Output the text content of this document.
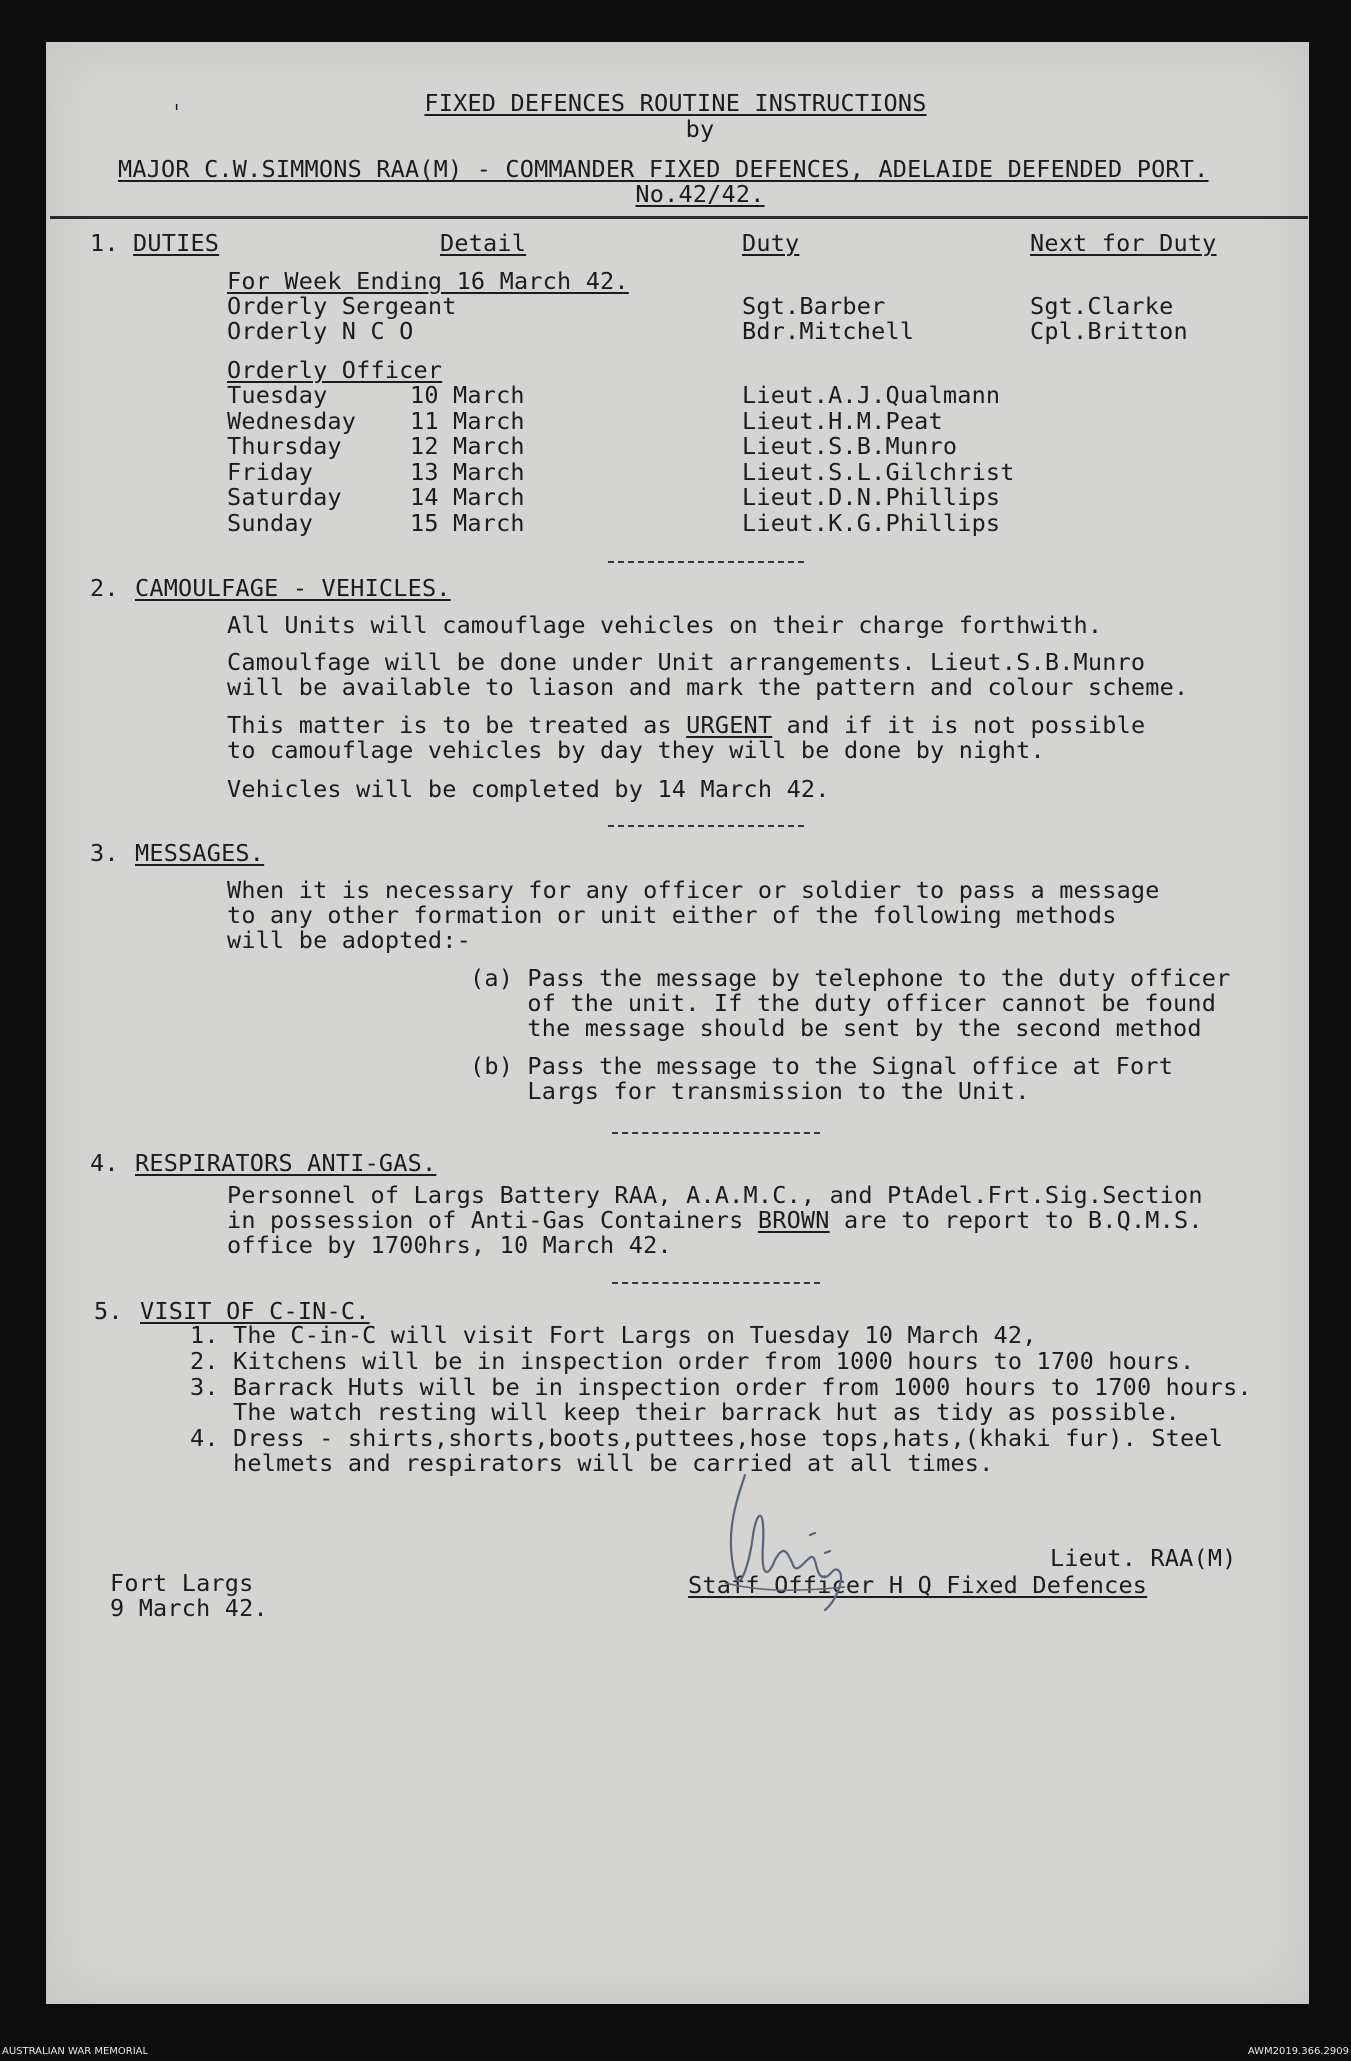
ˈ	FIXED DEFENCES ROUTINE INSTRUCTIONS
by
MAJOR C.W.SIMMONS RAA(M) - COMMANDER FIXED DEFENCES, ADELAIDE DEFENDED PORT.
No.42/42.
1. DUTIES	Detail	Duty	Next for Duty
For Week Ending 16 March 42.
Orderly Sergeant	Sgt.Barber	Sgt.Clarke
Orderly N C O	Bdr.Mitchell	Cpl.Britton
Orderly Officer
Tuesday	10 March	Lieut.A.J.Qualmann
Wednesday 11 March	Lieut.H.M.Peat
Thursday	12 March	Lieut.S.B.Munro
Friday	13 March	Lieut.S.L.Gilchrist
Saturday	14 March	Lieut.D.N.Phillips
Sunday	15 March	Lieut.K.G.Phillips
2. CAMOULFAGE - VEHICLES.
All Units will camouflage vehicles on their charge forthwith.
Camoulfage will be done under Unit arrangements. Lieut.S.B.Munro
will be available to liason and mark the pattern and colour scheme.
This matter is to be treated as URGENT and if it is not possible
to camouflage vehicles by day they will be done by night.
Vehicles will be completed by 14 March 42.
3. MESSAGES.
When it is necessary for any officer or soldier to pass a message
to any other formation or unit either of the following methods
will be adopted:-
(a) Pass the message by telephone to the duty officer
of the unit. If the duty officer cannot be found
the message should be sent by the second method
(b) Pass the message to the Signal office at Fort
Largs for transmission to the Unit.
4. RESPIRATORS ANTI-GAS.
Personnel of Largs Battery RAA, A.A.M.C., and PtAdel.Frt.Sig.Section
in possession of Anti-Gas Containers BROWN are to report to B.Q.M.S.
office by 1700hrs, 10 March 42.
5. VISIT OF C-IN-C.
1. The C-in-C will visit Fort Largs on Tuesday 10 March 42,
2. Kitchens will be in inspection order from 1000 hours to 1700 hours.
3. Barrack Huts will be in inspection order from 1000 hours to 1700 hours.
The watch resting will keep their barrack hut as tidy as possible.
4. Dress - shirts,shorts,boots,puttees,hose tops,hats,(khaki fur). Steel
helmets and respirators will be carried at all times.
Fort Largs
9 March 42.
Lieut. RAA(M)
Staff Officer H Q Fixed Defences
AUSTRALIAN WAR MEMORIAL	AWM2019.366.2909
